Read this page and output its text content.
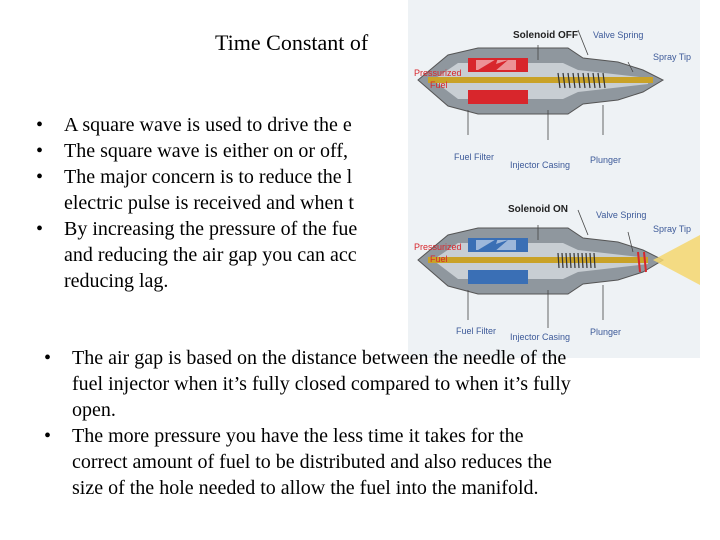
Time Constant of
• A square wave is used to drive the e
• The square wave is either on or off,
• The major concern is to reduce the l
electric pulse is received and when t
• By increasing the pressure of the fue
and reducing the air gap you can acc
reducing lag.
Solenoid OFF Valve Spring
Spray Tip
Pressurized
Fuel
Fuel Filter
Injector Casing Plunger
Solenoid ON	Valve Spring
Spray Tip
Pressurized
Fuel
Fuel Filter
Injector Casing Plunger
• The air gap is based on the distance between the needle of the
fuel injector when it’s fully closed compared to when it’s fully
open.
• The more pressure you have the less time it takes for the
correct amount of fuel to be distributed and also reduces the
size of the hole needed to allow the fuel into the manifold.
